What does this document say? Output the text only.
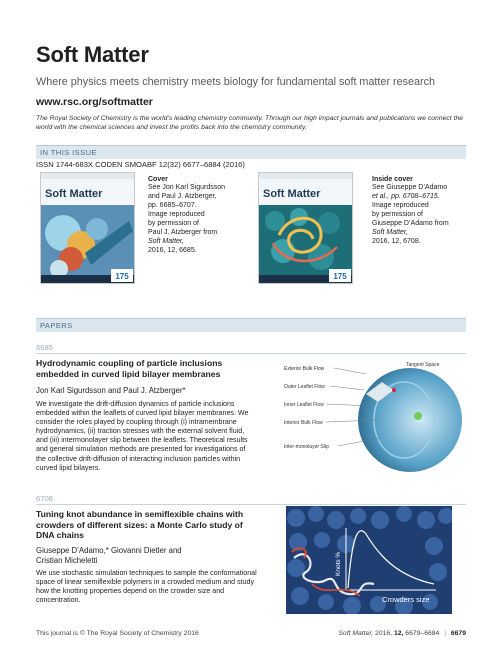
Soft Matter
Where physics meets chemistry meets biology for fundamental soft matter research
www.rsc.org/softmatter
The Royal Society of Chemistry is the world’s leading chemistry community. Through our high impact journals and publications we connect the world with the chemical sciences and invest the profits back into the chemistry community.
IN THIS ISSUE
ISSN 1744-683X CODEN SMOABF 12(32) 6677–6884 (2016)
Soft Matter
175
Cover
See Jon Karl Sigurdsson
and Paul J. Atzberger,
pp. 6685–6707.
Image reproduced
by permission of
Paul J. Atzberger from
Soft Matter,
2016, 12, 6685.
Soft Matter
175
Inside cover
See Giuseppe D’Adamo
et al., pp. 6708–6715.
Image reproduced
by permission of
Giuseppe D’Adamo from
Soft Matter,
2016, 12, 6708.
PAPERS
6685
Hydrodynamic coupling of particle inclusions embedded in curved lipid bilayer membranes
Jon Karl Sigurdsson and Paul J. Atzberger*
We investigate the drift-diffusion dynamics of particle inclusions embedded within the leaflets of curved lipid bilayer membranes. We consider the roles played by coupling through (i) intramembrane hydrodynamics, (ii) traction stresses with the external solvent fluid, and (iii) intermonolayer slip between the leaflets. Theoretical results and general simulation methods are presented for investigations of the collective drift-diffusion of interacting inclusion particles within curved lipid bilayers.
Exterior Bulk Flow
Tangent Space
Outer Leaflet Flow
Inner Leaflet Flow
Interior Bulk Flow
Inter-monolayer Slip
6708
Tuning knot abundance in semiflexible chains with crowders of different sizes: a Monte Carlo study of DNA chains
Giuseppe D’Adamo,* Giovanni Dietler and Cristian Micheletti
We use stochastic simulation techniques to sample the conformational space of linear semiflexible polymers in a crowded medium and study how the knotting properties depend on the crowder size and concentration.
Knots %
Crowders size
This journal is © The Royal Society of Chemistry 2016	Soft Matter, 2016, 12, 6679–6684 | 6679
